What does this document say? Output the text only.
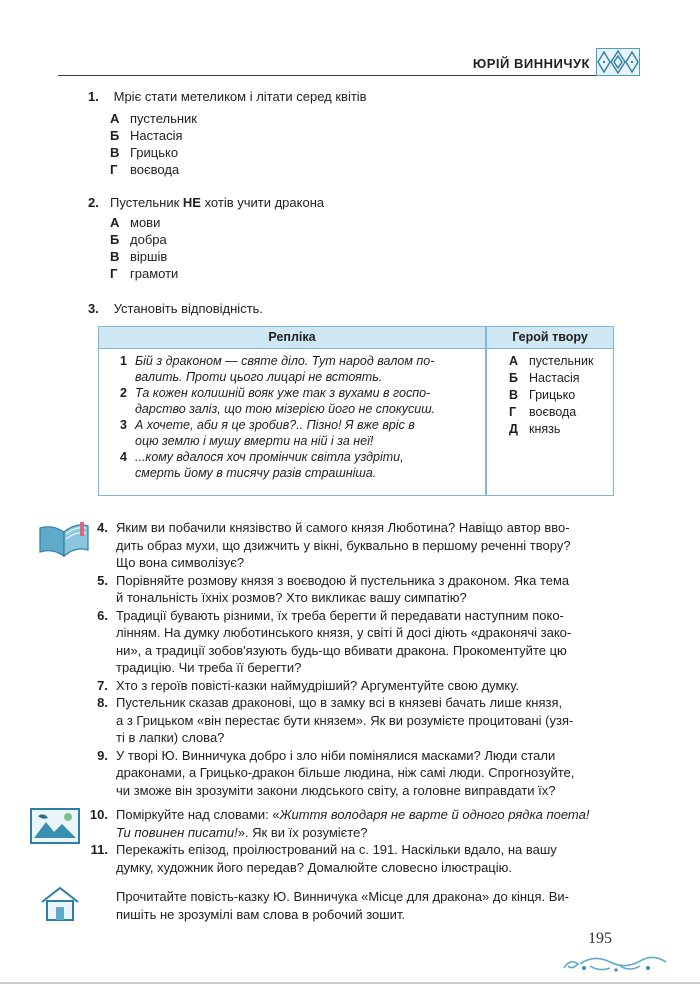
ЮРІЙ ВИННИЧУК
1. Мріє стати метеликом і літати серед квітів
А пустельник
Б Настасія
В Грицько
Г воєвода
2. Пустельник НЕ хотів учити дракона
А мови
Б добра
В віршів
Г грамоти
3. Установіть відповідність.
Репліка	Герой твору
1 Бій з драконом — святе діло. Тут народ валом по-
валить. Проти цього лицарі не встоять.
2 Та кожен колишній вояк уже так з вухами в госпо-
дарство заліз, що тою мізерією його не спокусиш.
3 А хочете, аби я це зробив?.. Пізно! Я вже вріс в
оцю землю і мушу вмерти на ній і за неї!
4 ...кому вдалося хоч промінчик світла уздріти,
смерть йому в тисячу разів страшніша.
А пустельник
Б Настасія
В Грицько
Г воєвода
Д князь
4. Яким ви побачили князівство й самого князя Люботина? Навіщо автор вво-
дить образ мухи, що дзижчить у вікні, буквально в першому реченні твору?
Що вона символізує?
5. Порівняйте розмову князя з воєводою й пустельника з драконом. Яка тема
й тональність їхніх розмов? Хто викликає вашу симпатію?
6. Традиції бувають різними, їх треба берегти й передавати наступним поко-
лінням. На думку люботинського князя, у світі й досі діють «драконячі зако-
ни», а традиції зобов'язують будь-що вбивати дракона. Прокоментуйте цю
традицію. Чи треба її берегти?
7. Хто з героїв повісті-казки наймудріший? Аргументуйте свою думку.
8. Пустельник сказав драконові, що в замку всі в князеві бачать лише князя,
а з Грицьком «він перестає бути князем». Як ви розумієте процитовані (узя-
ті в лапки) слова?
9. У творі Ю. Винничука добро і зло ніби помінялися масками? Люди стали
драконами, а Грицько-дракон більше людина, ніж самі люди. Спрогнозуйте,
чи зможе він зрозуміти закони людського світу, а головне виправдати їх?
10. Поміркуйте над словами: «Життя володаря не варте й одного рядка поета!
Ти повинен писати!». Як ви їх розумієте?
11. Перекажіть епізод, проілюстрований на с. 191. Наскільки вдало, на вашу
думку, художник його передав? Домалюйте словесно ілюстрацію.
Прочитайте повість-казку Ю. Винничука «Місце для дракона» до кінця. Ви-
пишіть не зрозумілі вам слова в робочий зошит.
195
